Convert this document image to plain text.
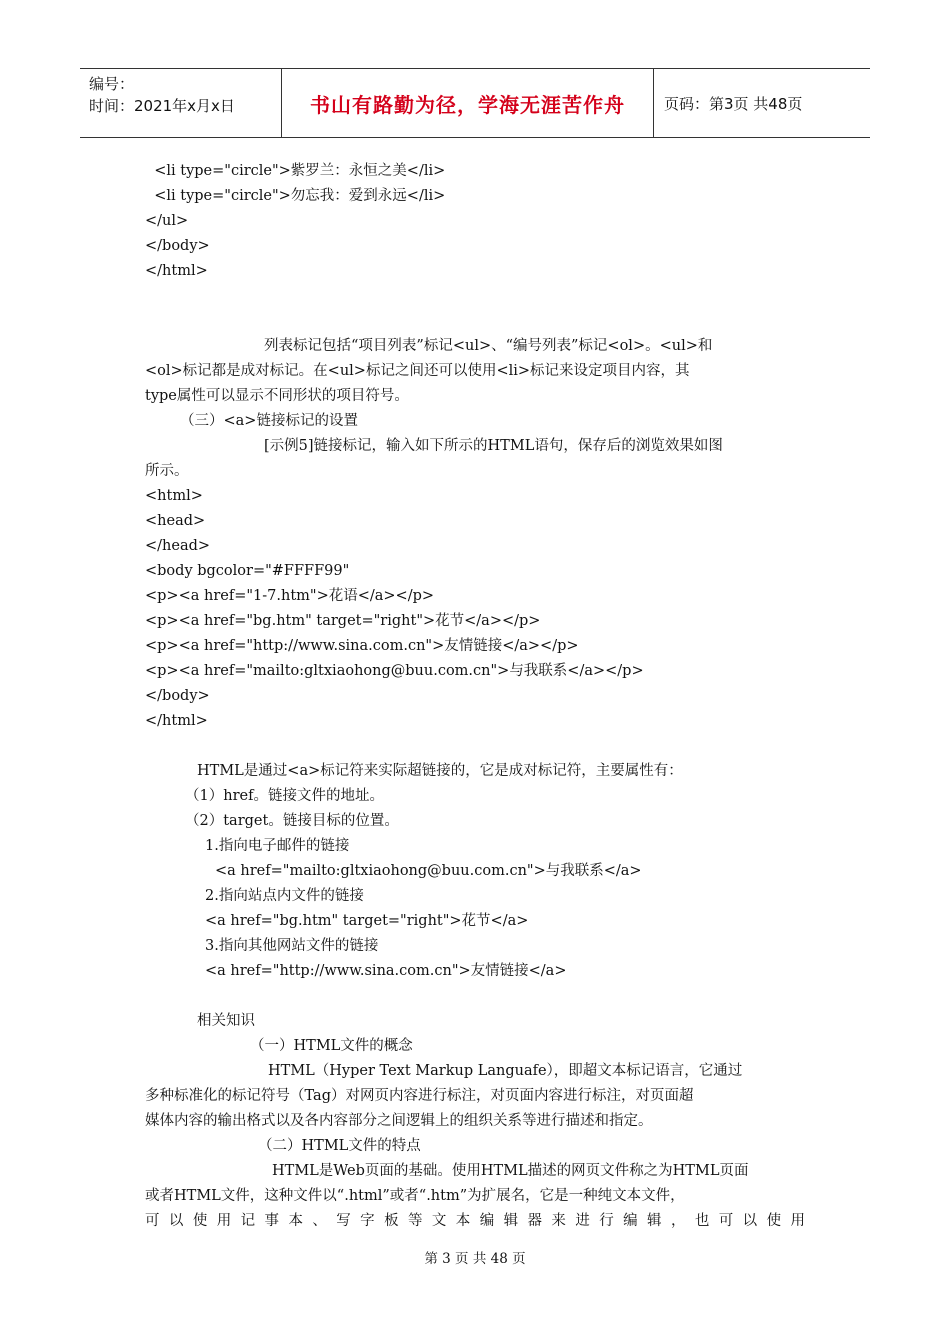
编号：
时间：2021年x月x日	书山有路勤为径，学海无涯苦作舟	页码：第3页 共48页
<li type="circle">紫罗兰：永恒之美</li>
<li type="circle">勿忘我：爱到永远</li>
</ul>
</body>
</html>
列表标记包括“项目列表”标记<ul>、“编号列表”标记<ol>。<ul>和
<ol>标记都是成对标记。在<ul>标记之间还可以使用<li>标记来设定项目内容，其
type属性可以显示不同形状的项目符号。
（三）<a>链接标记的设置
[示例5]链接标记，输入如下所示的HTML语句，保存后的浏览效果如图
所示。
<html>
<head>
</head>
<body bgcolor="#FFFF99"
<p><a href="1-7.htm">花语</a></p>
<p><a href="bg.htm" target="right">花节</a></p>
<p><a href="http://www.sina.com.cn">友情链接</a></p>
<p><a href="mailto:gltxiaohong@buu.com.cn">与我联系</a></p>
</body>
</html>
HTML是通过<a>标记符来实际超链接的，它是成对标记符，主要属性有：
（1）href。链接文件的地址。
（2）target。链接目标的位置。
1.指向电子邮件的链接
<a href="mailto:gltxiaohong@buu.com.cn">与我联系</a>
2.指向站点内文件的链接
<a href="bg.htm" target="right">花节</a>
3.指向其他网站文件的链接
<a href="http://www.sina.com.cn">友情链接</a>
相关知识
（一）HTML文件的概念
HTML（Hyper Text Markup Languafe），即超文本标记语言，它通过
多种标准化的标记符号（Tag）对网页内容进行标注，对页面内容进行标注，对页面超
媒体内容的输出格式以及各内容部分之间逻辑上的组织关系等进行描述和指定。
（二）HTML文件的特点
HTML是Web页面的基础。使用HTML描述的网页文件称之为HTML页面
或者HTML文件，这种文件以“.html”或者“.htm”为扩展名，它是一种纯文本文件，
可以使用记事本、写字板等文本编辑器来进行编辑，也可以使用
第 3 页 共 48 页
